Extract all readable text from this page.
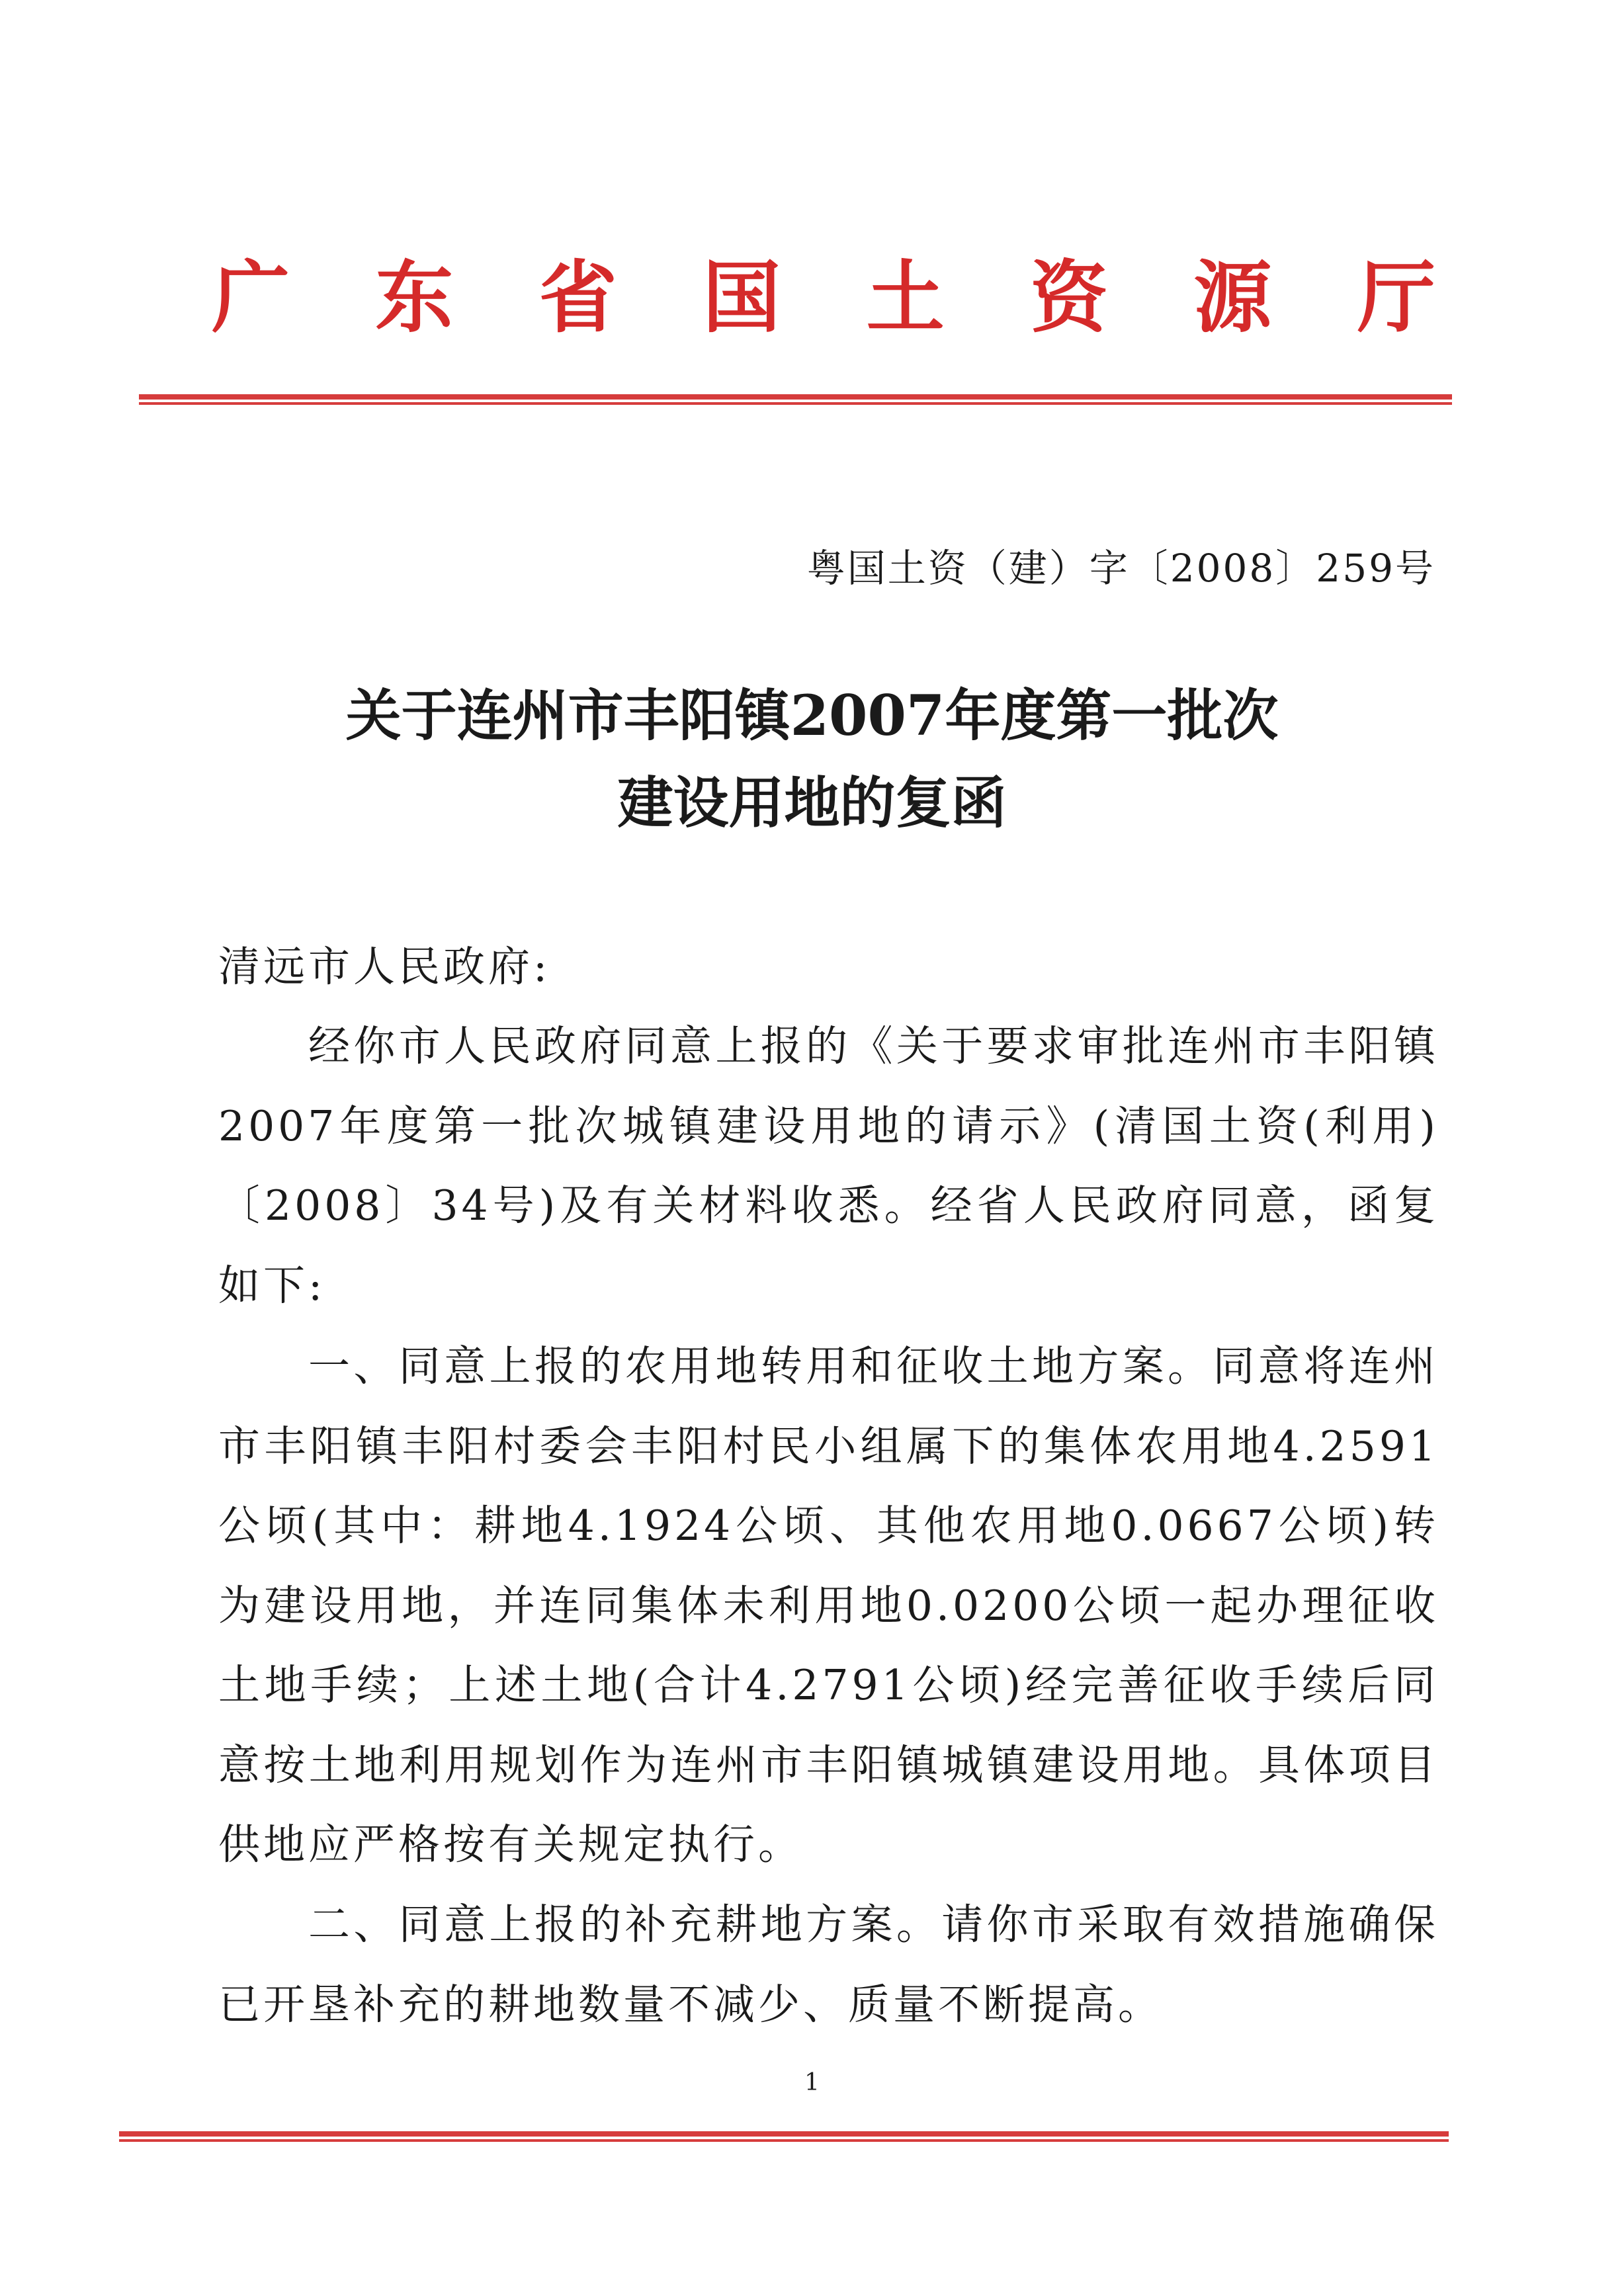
广 东 省 国 土 资 源 厅
粤国土资（建）字〔2008〕259号
关于连州市丰阳镇2007年度第一批次
建设用地的复函
清远市人民政府:

经你市人民政府同意上报的《关于要求审批连州市丰阳镇2007年度第一批次城镇建设用地的请示》(清国土资(利用)〔2008〕34号)及有关材料收悉。经省人民政府同意，函复如下:

一、同意上报的农用地转用和征收土地方案。同意将连州市丰阳镇丰阳村委会丰阳村民小组属下的集体农用地4.2591公顷(其中：耕地4.1924公顷、其他农用地0.0667公顷)转为建设用地，并连同集体未利用地0.0200公顷一起办理征收土地手续；上述土地(合计4.2791公顷)经完善征收手续后同意按土地利用规划作为连州市丰阳镇城镇建设用地。具体项目供地应严格按有关规定执行。

二、同意上报的补充耕地方案。请你市采取有效措施确保已开垦补充的耕地数量不减少、质量不断提高。

1
